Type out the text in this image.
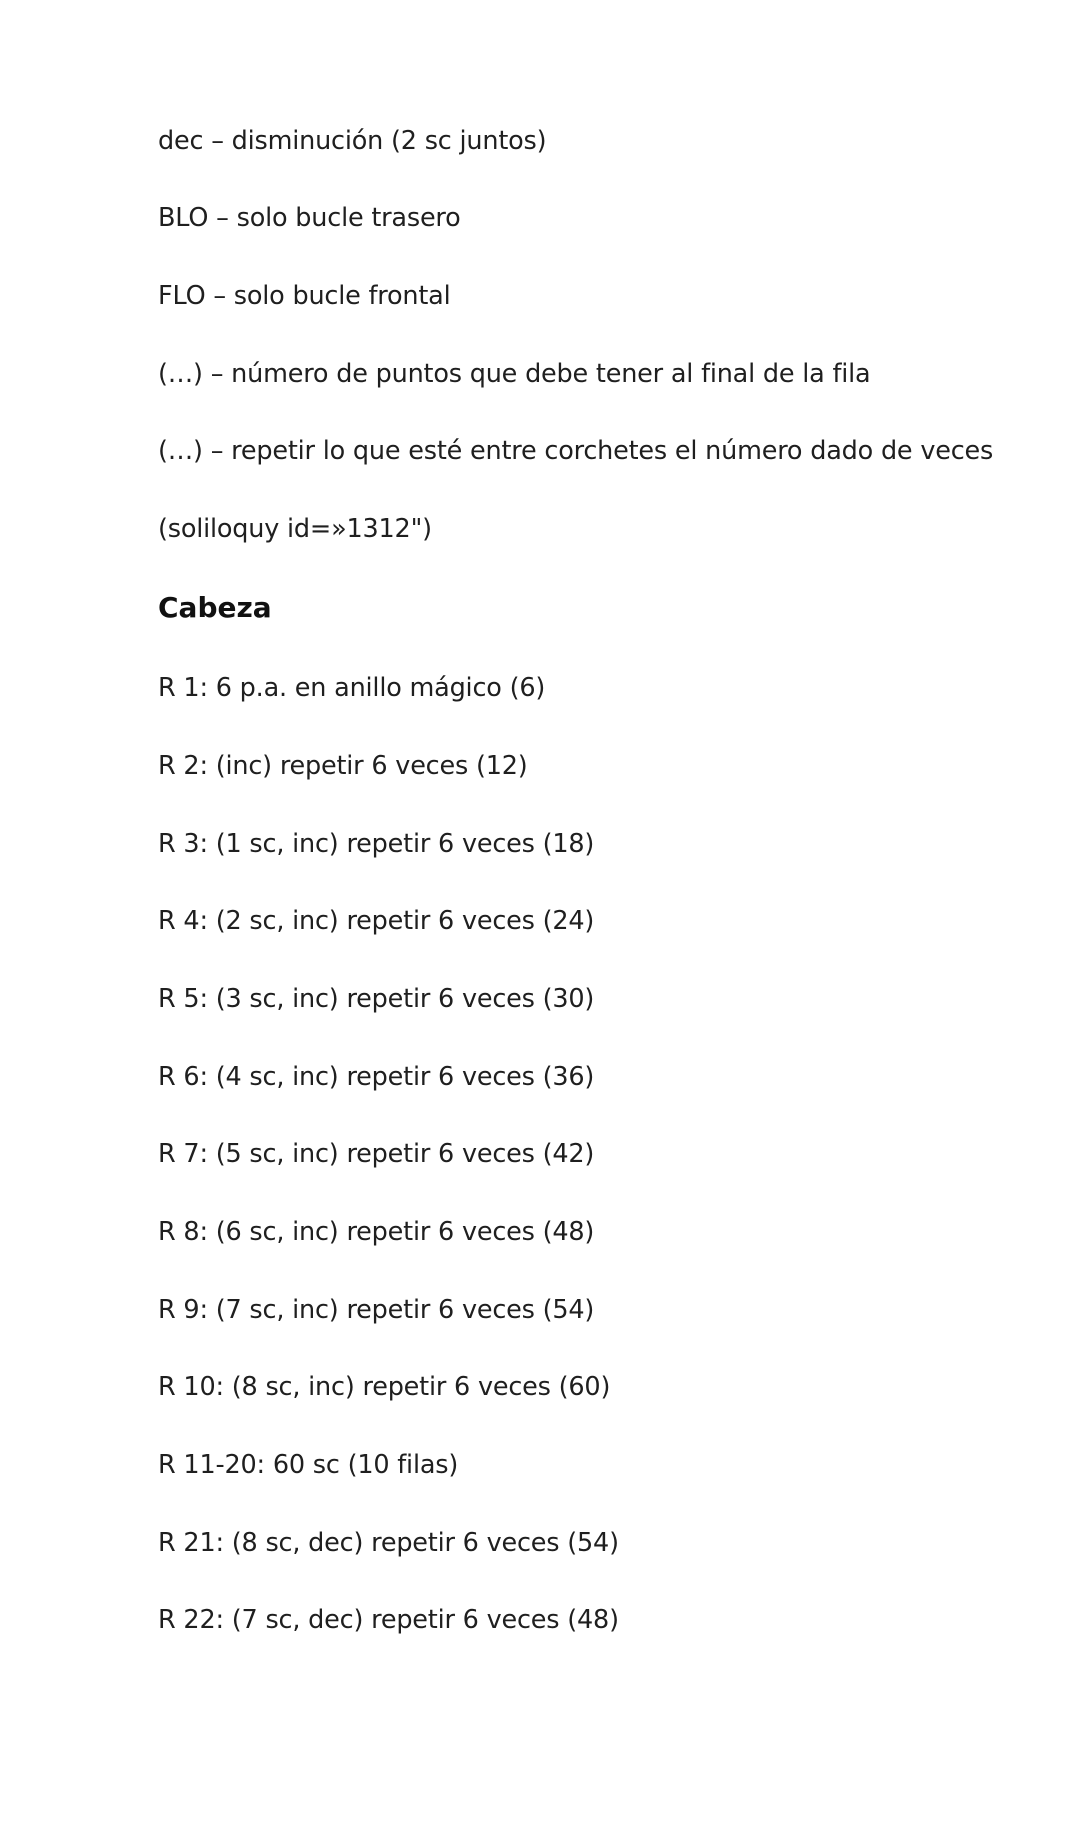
dec – disminución (2 sc juntos)
BLO – solo bucle trasero
FLO – solo bucle frontal
(…) – número de puntos que debe tener al final de la fila
(…) – repetir lo que esté entre corchetes el número dado de veces
(soliloquy id=»1312")
Cabeza
R 1: 6 p.a. en anillo mágico (6)
R 2: (inc) repetir 6 veces (12)
R 3: (1 sc, inc) repetir 6 veces (18)
R 4: (2 sc, inc) repetir 6 veces (24)
R 5: (3 sc, inc) repetir 6 veces (30)
R 6: (4 sc, inc) repetir 6 veces (36)
R 7: (5 sc, inc) repetir 6 veces (42)
R 8: (6 sc, inc) repetir 6 veces (48)
R 9: (7 sc, inc) repetir 6 veces (54)
R 10: (8 sc, inc) repetir 6 veces (60)
R 11-20: 60 sc (10 filas)
R 21: (8 sc, dec) repetir 6 veces (54)
R 22: (7 sc, dec) repetir 6 veces (48)
